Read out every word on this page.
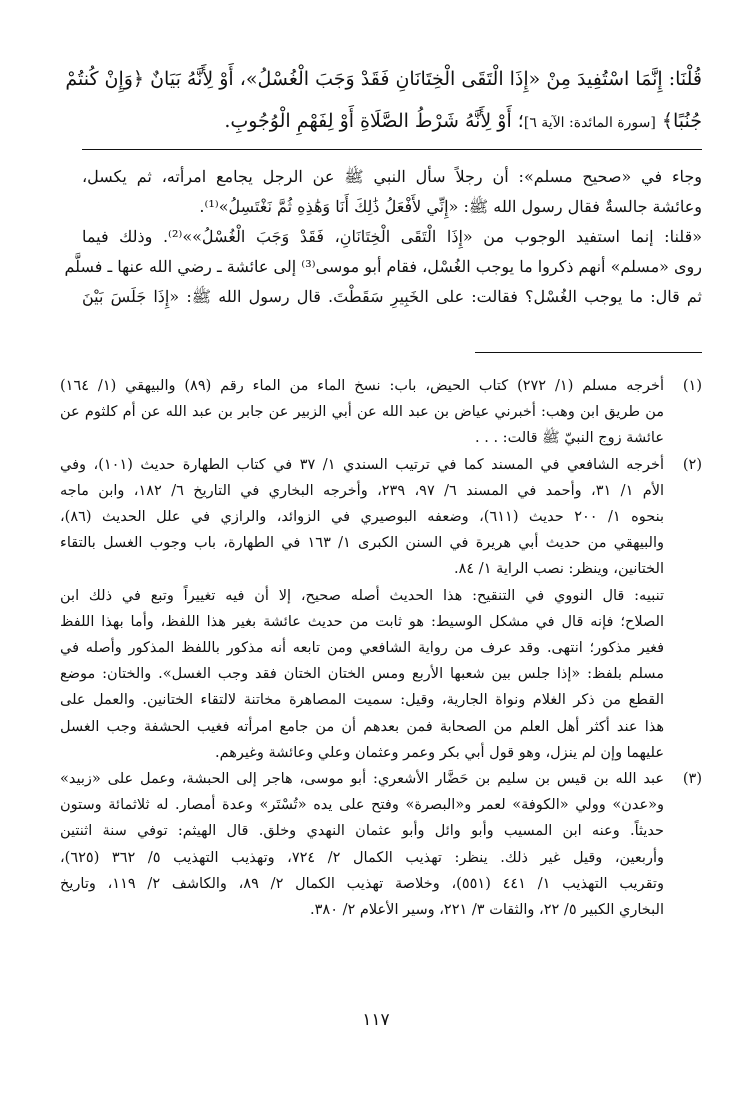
قُلْنَا: إِنَّمَا اسْتُفِيدَ مِنْ «إِذَا الْتَقَى الْخِتَانَانِ فَقَدْ وَجَبَ الْغُسْلُ»، أَوْ لِأَنَّهُ بَيَانٌ ﴿وَإِنْ كُنتُمْ
جُنُبًا﴾ [سورة المائدة: الآية ٦]؛ أَوْ لِأَنَّهُ شَرْطُ الصَّلَاةِ أَوْ لِفَهْمِ الْوُجُوبِ.
وجاء في «صحيح مسلم»: أن رجلاً سأل النبي ﷺ عن الرجل يجامع امرأته، ثم يكسل،
وعائشة جالسةٌ فقال رسول الله ﷺ: «إِنِّي لأَفْعَلُ ذَٰلِكَ أَنَا وَهَٰذِهِ ثُمَّ نَغْتَسِلُ»⁽¹⁾.
«قلنا: إنما استفيد الوجوب من «إِذَا الْتَقَى الْخِتَانَانِ، فَقَدْ وَجَبَ الْغُسْلُ»»⁽²⁾. وذلك فيما
روى «مسلم» أنهم ذكروا ما يوجب الغُسْل، فقام أبو موسى⁽³⁾ إلى عائشة ـ رضي الله عنها ـ فسلَّم
ثم قال: ما يوجب الغُسْل؟ فقالت: على الخَبِيرِ سَقَطْتَ. قال رسول الله ﷺ: «إِذَا جَلَسَ بَيْنَ
(١)
أخرجه مسلم (١/ ٢٧٢) كتاب الحيض، باب: نسخ الماء من الماء رقم (٨٩) والبيهقي (١/ ١٦٤)
من طريق ابن وهب: أخبرني عياض بن عبد الله عن أبي الزبير عن جابر بن عبد الله عن أم كلثوم عن
عائشة زوج النبيّ ﷺ قالت: . . .
(٢)
أخرجه الشافعي في المسند كما في ترتيب السندي ١/ ٣٧ في كتاب الطهارة حديث (١٠١)، وفي
الأم ١/ ٣١، وأحمد في المسند ٦/ ٩٧، ٢٣٩، وأخرجه البخاري في التاريخ ٦/ ١٨٢، وابن ماجه
بنحوه ١/ ٢٠٠ حديث (٦١١)، وضعفه البوصيري في الزوائد، والرازي في علل الحديث (٨٦)،
والبيهقي من حديث أبي هريرة في السنن الكبرى ١/ ١٦٣ في الطهارة، باب وجوب الغسل بالتقاء
الختانين، وينظر: نصب الراية ١/ ٨٤.
تنبيه: قال النووي في التنقيح: هذا الحديث أصله صحيح، إلا أن فيه تغييراً وتبع في ذلك ابن
الصلاح؛ فإنه قال في مشكل الوسيط: هو ثابت من حديث عائشة بغير هذا اللفظ، وأما بهذا اللفظ
فغير مذكور؛ انتهى. وقد عرف من رواية الشافعي ومن تابعه أنه مذكور باللفظ المذكور وأصله في
مسلم بلفظ: «إذا جلس بين شعبها الأربع ومس الختان الختان فقد وجب الغسل». والختان: موضع
القطع من ذكر الغلام ونواة الجارية، وقيل: سميت المصاهرة مخاتنة لالتقاء الختانين. والعمل على
هذا عند أكثر أهل العلم من الصحابة فمن بعدهم أن من جامع امرأته فغيب الحشفة وجب الغسل
عليهما وإن لم ينزل، وهو قول أبي بكر وعمر وعثمان وعلي وعائشة وغيرهم.
(٣)
عبد الله بن قيس بن سليم بن حَضَّار الأشعري: أبو موسى، هاجر إلى الحبشة، وعمل على «زبيد»
و«عدن» وولي «الكوفة» لعمر و«البصرة» وفتح على يده «تُسْتَر» وعدة أمصار. له ثلاثمائة وستون
حديثاً. وعنه ابن المسيب وأبو وائل وأبو عثمان النهدي وخلق. قال الهيثم: توفي سنة اثنتين
وأربعين، وقيل غير ذلك. ينظر: تهذيب الكمال ٢/ ٧٢٤، وتهذيب التهذيب ٥/ ٣٦٢ (٦٢٥)،
وتقريب التهذيب ١/ ٤٤١ (٥٥١)، وخلاصة تهذيب الكمال ٢/ ٨٩، والكاشف ٢/ ١١٩، وتاريخ
البخاري الكبير ٥/ ٢٢، والثقات ٣/ ٢٢١، وسير الأعلام ٢/ ٣٨٠.
١١٧
